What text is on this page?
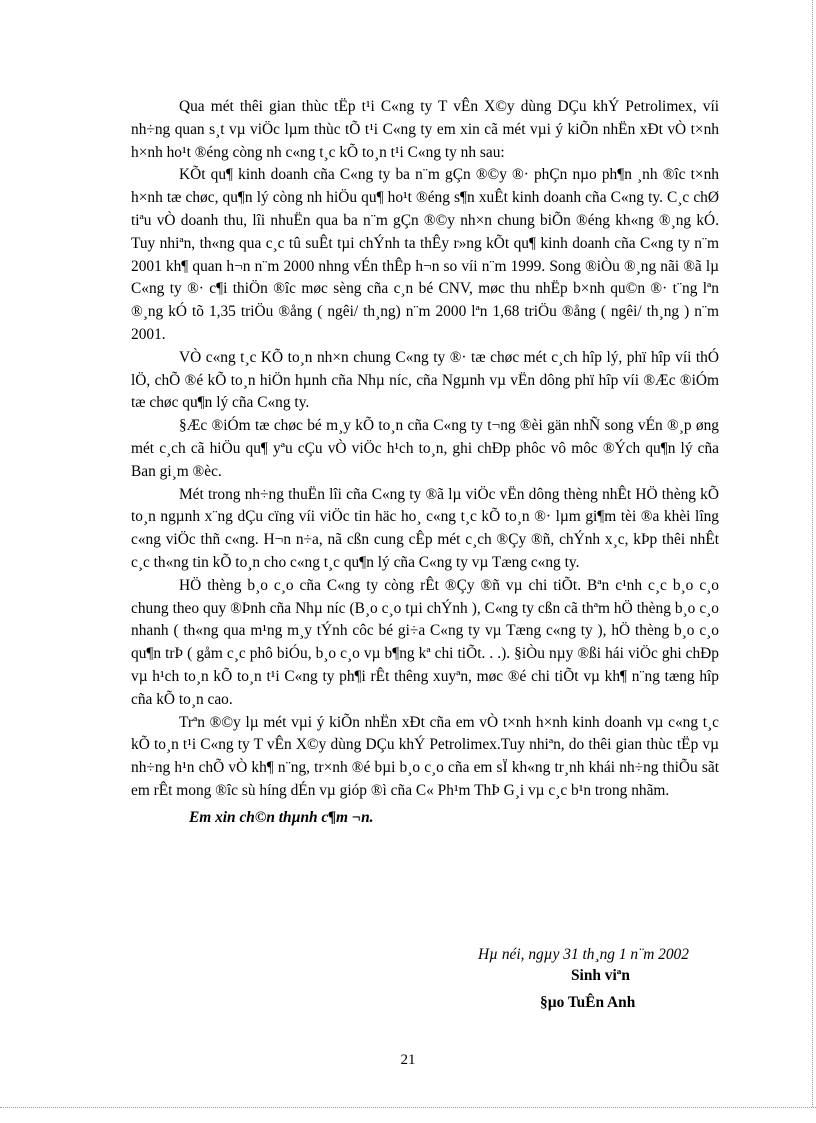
Qua mét thêi gian thùc tËp t¹i C«ng ty T vÊn X©y dùng DÇu khÝ Petrolimex, víi nh÷ng quan s¸t vµ viÖc lµm thùc tÕ t¹i C«ng ty em xin cã mét vµi ý kiÕn nhËn xÐt vÒ t×nh h×nh ho¹t ®éng còng nh c«ng t¸c kÕ to¸n t¹i C«ng ty nh sau:

KÕt qu¶ kinh doanh cña C«ng ty ba n¨m gÇn ®©y ®· phÇn nµo ph¶n ¸nh ®îc t×nh h×nh tæ chøc, qu¶n lý còng nh hiÖu qu¶ ho¹t ®éng s¶n xuÊt kinh doanh cña C«ng ty. C¸c chØ tiªu vÒ doanh thu, lîi nhuËn qua ba n¨m gÇn ®©y nh×n chung biÕn ®éng kh«ng ®¸ng kÓ. Tuy nhiªn, th«ng qua c¸c tû suÊt tµi chÝnh ta thÊy r»ng kÕt qu¶ kinh doanh cña C«ng ty n¨m 2001 kh¶ quan h¬n n¨m 2000 nhng vÉn thÊp h¬n so víi n¨m 1999. Song ®iÒu ®¸ng nãi ®ã lµ C«ng ty ®· c¶i thiÖn ®îc møc sèng cña c¸n bé CNV, møc thu nhËp b×nh qu©n ®· t¨ng lªn ®¸ng kÓ tõ 1,35 triÖu ®ång ( ngêi/ th¸ng) n¨m 2000 lªn 1,68 triÖu ®ång ( ngêi/ th¸ng ) n¨m 2001.

VÒ c«ng t¸c KÕ to¸n nh×n chung C«ng ty ®· tæ chøc mét c¸ch hîp lý, phï hîp víi thÓ lÖ, chÕ ®é kÕ to¸n hiÖn hµnh cña Nhµ níc, cña Ngµnh vµ vËn dông phï hîp víi ®Æc ®iÓm tæ chøc qu¶n lý cña C«ng ty.

§Æc ®iÓm tæ chøc bé m¸y kÕ to¸n cña C«ng ty t¬ng ®èi gän nhÑ song vÉn ®¸p øng mét c¸ch cã hiÖu qu¶ yªu cÇu vÒ viÖc h¹ch to¸n, ghi chÐp phôc vô môc ®Ých qu¶n lý cña Ban gi¸m ®èc.

Mét trong nh÷ng thuËn lîi cña C«ng ty ®ã lµ viÖc vËn dông thèng nhÊt HÖ thèng kÕ to¸n ngµnh x¨ng dÇu cïng víi viÖc tin häc ho¸ c«ng t¸c kÕ to¸n ®· lµm gi¶m tèi ®a khèi lîng c«ng viÖc thñ c«ng. H¬n n÷a, nã cßn cung cÊp mét c¸ch ®Çy ®ñ, chÝnh x¸c, kÞp thêi nhÊt c¸c th«ng tin kÕ to¸n cho c«ng t¸c qu¶n lý cña C«ng ty vµ Tæng c«ng ty.

HÖ thèng b¸o c¸o cña C«ng ty còng rÊt ®Çy ®ñ vµ chi tiÕt. Bªn c¹nh c¸c b¸o c¸o chung theo quy ®Þnh cña Nhµ níc (B¸o c¸o tµi chÝnh ), C«ng ty cßn cã thªm hÖ thèng b¸o c¸o nhanh ( th«ng qua m¹ng m¸y tÝnh côc bé gi÷a C«ng ty vµ Tæng c«ng ty ), hÖ thèng b¸o c¸o qu¶n trÞ ( gåm c¸c phô biÓu, b¸o c¸o vµ b¶ng kª chi tiÕt. . .). §iÒu nµy ®ßi hái viÖc ghi chÐp vµ h¹ch to¸n kÕ to¸n t¹i C«ng ty ph¶i rÊt thêng xuyªn, møc ®é chi tiÕt vµ kh¶ n¨ng tæng hîp cña kÕ to¸n cao.

Trªn ®©y lµ mét vµi ý kiÕn nhËn xÐt cña em vÒ t×nh h×nh kinh doanh vµ c«ng t¸c kÕ to¸n t¹i C«ng ty T vÊn X©y dùng DÇu khÝ Petrolimex.Tuy nhiªn, do thêi gian thùc tËp vµ nh÷ng h¹n chÕ vÒ kh¶ n¨ng, tr×nh ®é bµi b¸o c¸o cña em sÏ kh«ng tr¸nh khái nh÷ng thiÕu sãt em rÊt mong ®îc sù híng dÉn vµ gióp ®ì cña C« Ph¹m ThÞ G¸i vµ c¸c b¹n trong nhãm.

Em xin ch©n thµnh c¶m ¬n.
Hµ néi, ngµy 31 th¸ng 1 n¨m 2002
Sinh viªn
§µo TuÊn Anh
21
